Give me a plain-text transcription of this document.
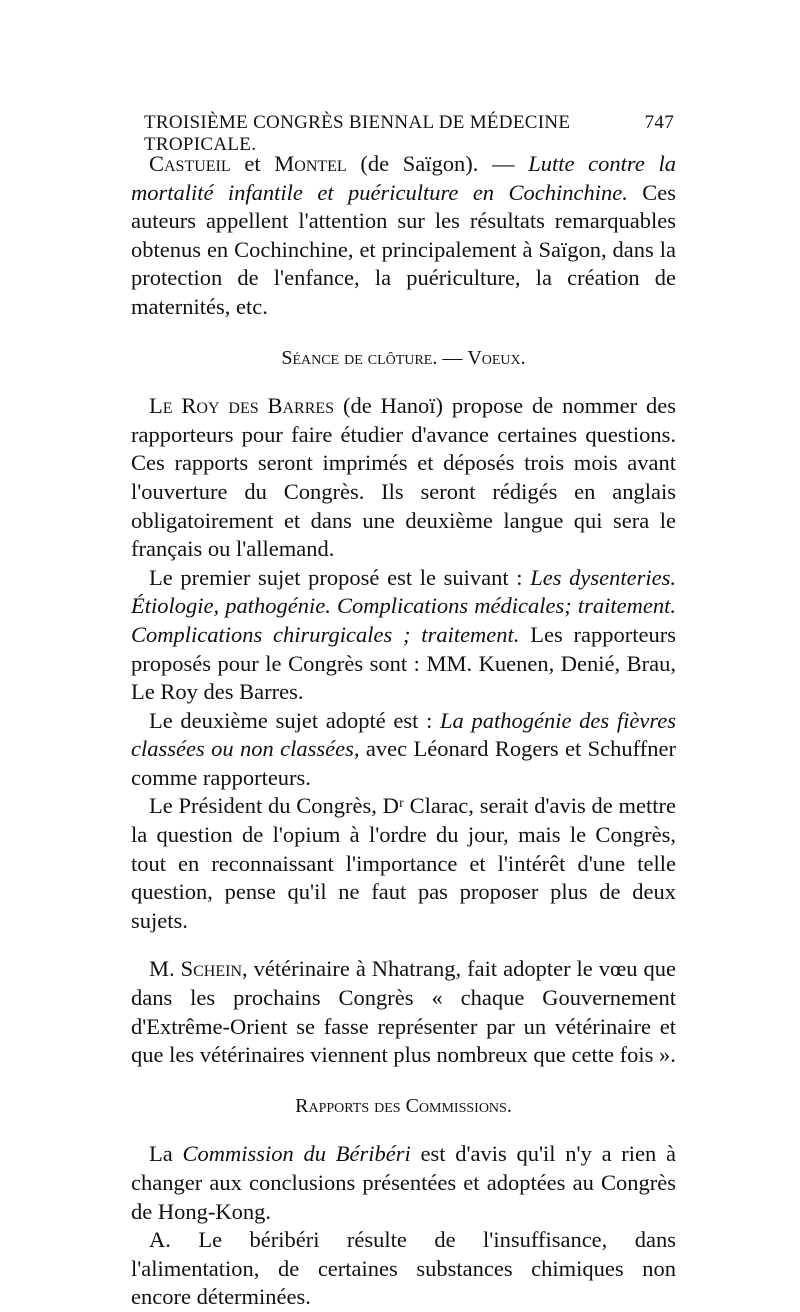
TROISIÈME CONGRÈS BIENNAL DE MÉDECINE TROPICALE.
747

Castueil et Montel (de Saïgon). — Lutte contre la mortalité infantile et puériculture en Cochinchine. Ces auteurs appellent l'attention sur les résultats remarquables obtenus en Cochinchine, et principalement à Saïgon, dans la protection de l'enfance, la puériculture, la création de maternités, etc.

Séance de clôture. — Voeux.

Le Roy des Barres (de Hanoï) propose de nommer des rapporteurs pour faire étudier d'avance certaines questions. Ces rapports seront imprimés et déposés trois mois avant l'ouverture du Congrès. Ils seront rédigés en anglais obligatoirement et dans une deuxième langue qui sera le français ou l'allemand.

Le premier sujet proposé est le suivant : Les dysenteries. Étiologie, pathogénie. Complications médicales; traitement. Complications chirurgicales ; traitement. Les rapporteurs proposés pour le Congrès sont : MM. Kuenen, Denié, Brau, Le Roy des Barres.

Le deuxième sujet adopté est : La pathogénie des fièvres classées ou non classées, avec Léonard Rogers et Schuffner comme rapporteurs.

Le Président du Congrès, Dʳ Clarac, serait d'avis de mettre la question de l'opium à l'ordre du jour, mais le Congrès, tout en reconnaissant l'importance et l'intérêt d'une telle question, pense qu'il ne faut pas proposer plus de deux sujets.

M. Schein, vétérinaire à Nhatrang, fait adopter le vœu que dans les prochains Congrès « chaque Gouvernement d'Extrême-Orient se fasse représenter par un vétérinaire et que les vétérinaires viennent plus nombreux que cette fois ».

Rapports des Commissions.

La Commission du Béribéri est d'avis qu'il n'y a rien à changer aux conclusions présentées et adoptées au Congrès de Hong-Kong.

A. Le béribéri résulte de l'insuffisance, dans l'alimentation, de certaines substances chimiques non encore déterminées.
